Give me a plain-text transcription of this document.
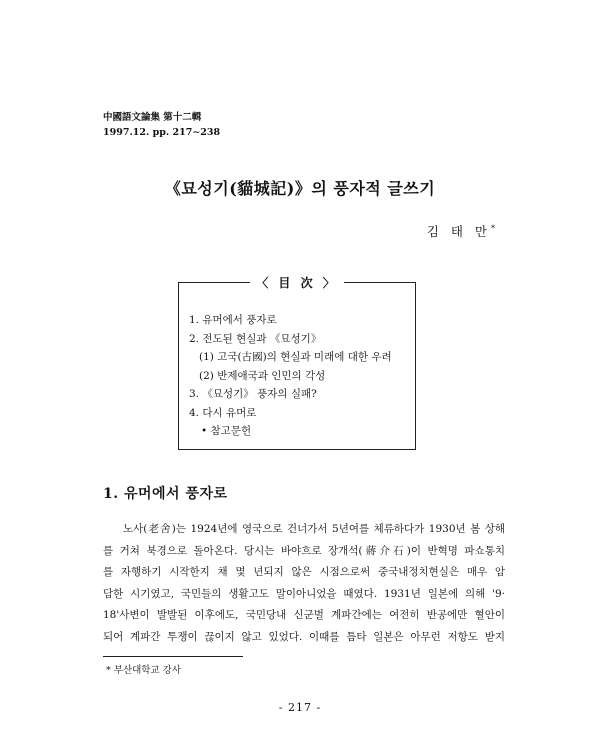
中國語文論集 第十二輯
1997.12. pp. 217∼238
《묘성기(貓城記)》의 풍자적 글쓰기
김 태 만*
〈 目 次 〉
1. 유머에서 풍자로
2. 전도된 현실과 《묘성기》
(1) 고국(古國)의 현실과 미래에 대한 우려
(2) 반제애국과 인민의 각성
3. 《묘성기》 풍자의 실패?
4. 다시 유머로
• 참고문헌
1. 유머에서 풍자로
노사(老舍)는 1924년에 영국으로 건너가서 5년여를 체류하다가 1930년 봄 상해
를 거쳐 북경으로 돌아온다. 당시는 바야흐로 장개석(蔣介石)이 반혁명 파쇼통치
를 자행하기 시작한지 채 몇 년되지 않은 시점으로써 중국내정치현실은 매우 암
담한 시기였고, 국민들의 생활고도 말이아니었을 때였다. 1931년 일본에 의해 '9·
18'사변이 발발된 이후에도, 국민당내 신군벌 계파간에는 여전히 반공에만 혈안이
되어 계파간 투쟁이 끊이지 않고 있었다. 이때를 틈타 일본은 아무런 저항도 받지
* 부산대학교 강사
- 217 -
